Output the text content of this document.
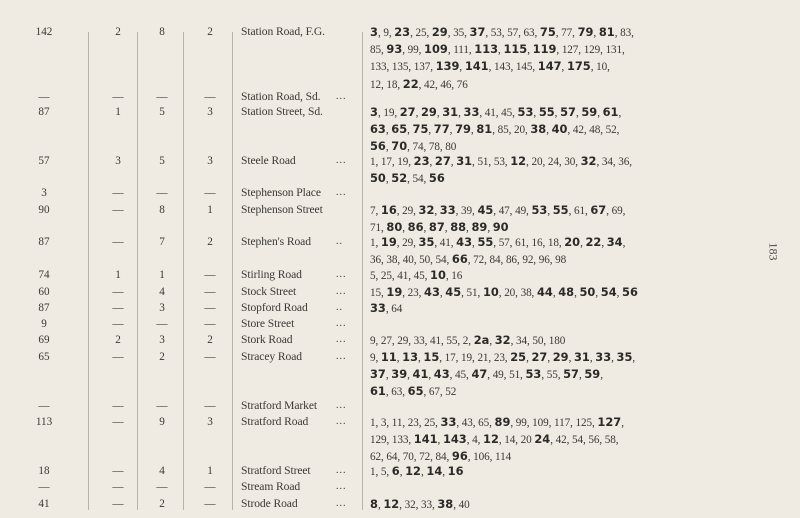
142	2	8	2	Station Road, F.G.	3, 9, 23, 25, 29, 35, 37, 53, 57, 63, 75, 77, 79, 81, 83,
85, 93, 99, 109, 111, 113, 115, 119, 127, 129, 131,
133, 135, 137, 139, 141, 143, 145, 147, 175, 10,
12, 18, 22, 42, 46, 76
—	—	—	—	Station Road, Sd.	...
87	1	5	3	Station Street, Sd.	3, 19, 27, 29, 31, 33, 41, 45, 53, 55, 57, 59, 61,
63, 65, 75, 77, 79, 81, 85, 20, 38, 40, 42, 48, 52,
56, 70, 74, 78, 80
57	3	5	3	Steele Road	... 1, 17, 19, 23, 27, 31, 51, 53, 12, 20, 24, 30, 32, 34, 36,
50, 52, 54, 56
3	—	—	—	Stephenson Place	...
90	—	8	1	Stephenson Street	7, 16, 29, 32, 33, 39, 45, 47, 49, 53, 55, 61, 67, 69,
71, 80, 86, 87, 88, 89, 90
87	—	7	2	Stephen's Road	.. 1, 19, 29, 35, 41, 43, 55, 57, 61, 16, 18, 20, 22, 34,
36, 38, 40, 50, 54, 66, 72, 84, 86, 92, 96, 98
74	1	1	—	Stirling Road	... 5, 25, 41, 45, 10, 16
60	—	4	—	Stock Street	... 15, 19, 23, 43, 45, 51, 10, 20, 38, 44, 48, 50, 54, 56
87	—	3	—	Stopford Road	.. 33, 64
9	—	—	—	Store Street	...
69	2	3	2	Stork Road	... 9, 27, 29, 33, 41, 55, 2, 2a, 32, 34, 50, 180
65	—	2	—	Stracey Road	... 9, 11, 13, 15, 17, 19, 21, 23, 25, 27, 29, 31, 33, 35,
37, 39, 41, 43, 45, 47, 49, 51, 53, 55, 57, 59,
61, 63, 65, 67, 52
—	—	—	—	Stratford Market	...
113	—	9	3	Stratford Road	... 1, 3, 11, 23, 25, 33, 43, 65, 89, 99, 109, 117, 125, 127,
129, 133, 141, 143, 4, 12, 14, 20 24, 42, 54, 56, 58,
62, 64, 70, 72, 84, 96, 106, 114
18	—	4	1	Stratford Street	... 1, 5, 6, 12, 14, 16
—	—	—	—	Stream Road	...
41	—	2	—	Strode Road	... 8, 12, 32, 33, 38, 40
183
